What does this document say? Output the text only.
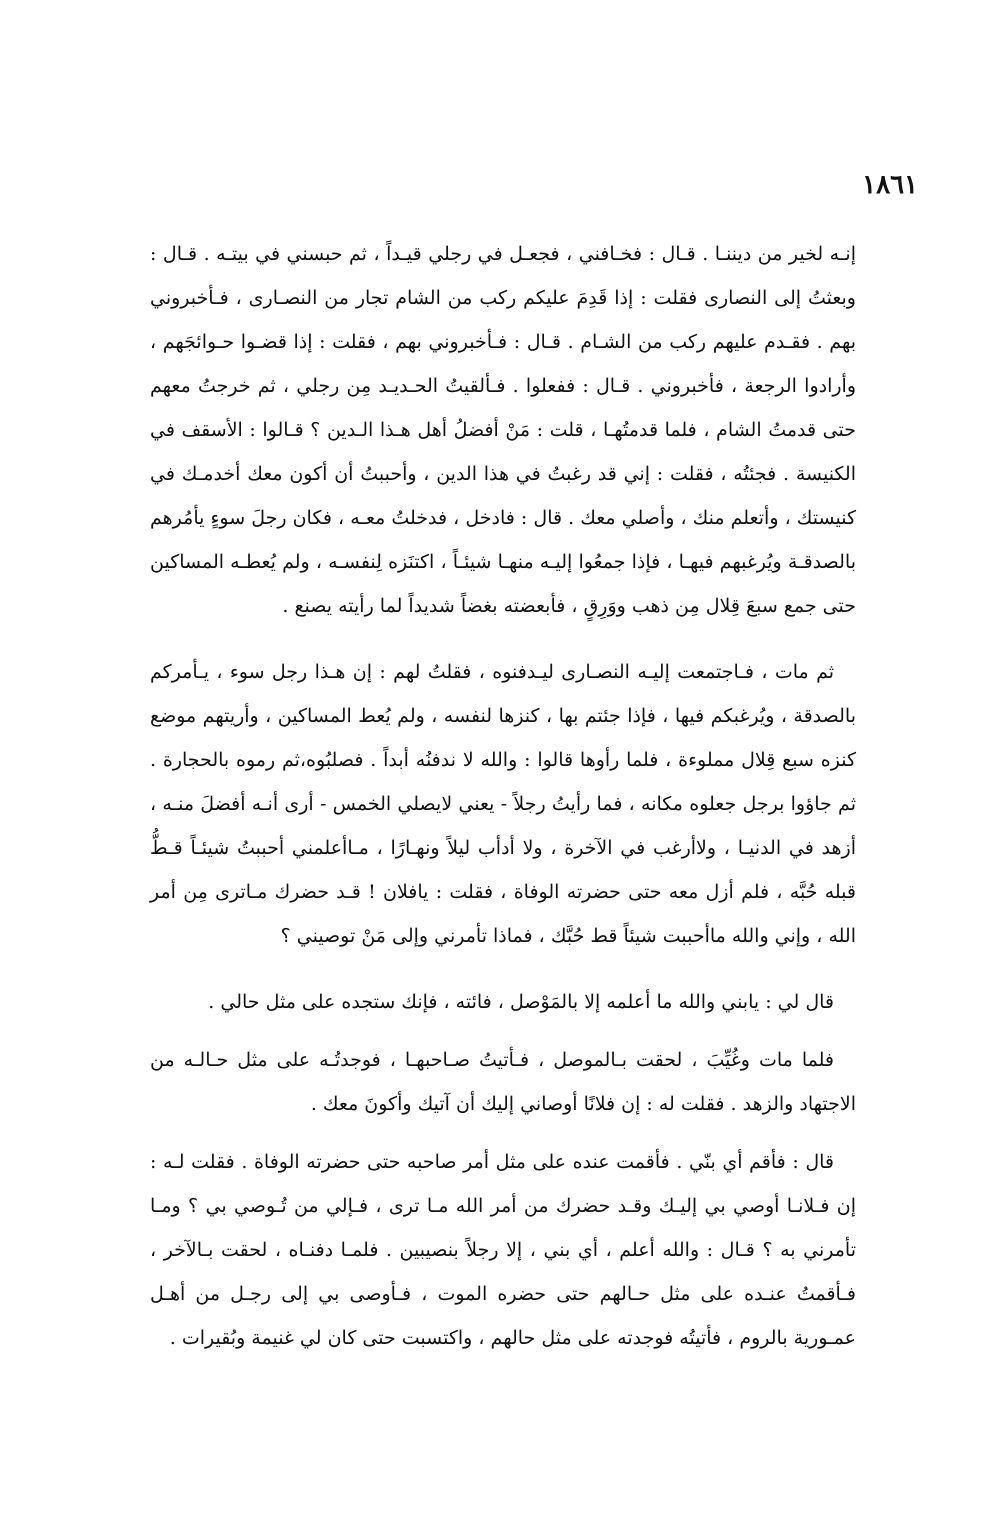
١٨٦١

إنـه لخير من ديننـا . قـال : فخـافني ، فجعـل في رجلي قيـداً ، ثم حبسني في بيتـه . قـال : وبعثتُ إلى النصارى فقلت : إذا قَدِمَ عليكم ركب من الشام تجار من النصـارى ، فـأخبروني بهم . فقـدم عليهم ركب من الشـام . قـال : فـأخبروني بهم ، فقلت : إذا قضـوا حـوائجَهم ، وأرادوا الرجعة ، فأخبروني . قـال : ففعلوا . فـألقيتُ الحـديـد مِن رجلي ، ثم خرجتُ معهم حتى قدمتُ الشام ، فلما قدمتُهـا ، قلت : مَنْ أفضلُ أهل هـذا الـدين ؟ قـالوا : الأسقف في الكنيسة . فجئتُه ، فقلت : إني قد رغبتُ في هذا الدين ، وأحببتُ أن أكون معك أخدمـك في كنيستك ، وأتعلم منك ، وأصلي معك . قال : فادخل ، فدخلتُ معـه ، فكان رجلَ سوءٍ يأمُرهم بالصدقـة ويُرغبهم فيهـا ، فإذا جمعُوا إليـه منهـا شيئـاً ، اكتنَزه لِنفسـه ، ولم يُعطـه المساكين حتى جمع سبعَ قِلال مِن ذهب ووَرِقٍ ، فأبعضته بغضاً شديداً لما رأيته يصنع .

ثم مات ، فـاجتمعت إليـه النصـارى ليـدفنوه ، فقلتُ لهم : إن هـذا رجل سوء ، يـأمركم بالصدقة ، ويُرغبكم فيها ، فإذا جئتم بها ، كنزها لنفسه ، ولم يُعط المساكين ، وأريتهم موضع كنزه سبع قِلال مملوءة ، فلما رأوها قالوا : والله لا ندفنُه أبداً . فصلبُوه،ثم رموه بالحجارة . ثم جاؤوا برجل جعلوه مكانه ، فما رأيتُ رجلاً - يعني لايصلي الخمس - أرى أنـه أفضلَ منـه ، أزهد في الدنيـا ، ولاأرغب في الآخرة ، ولا أدأب ليلاً ونهـارًا ، مـاأعلمني أحببتُ شيئـاً قـطُّ قبله حُبَّه ، فلم أزل معه حتى حضرته الوفاة ، فقلت : يافلان ! قـد حضرك مـاترى مِن أمر الله ، وإني والله ماأحببت شيئاً قط حُبَّك ، فماذا تأمرني وإلى مَنْ توصيني ؟

قال لي : يابني والله ما أعلمه إلا بالمَوْصل ، فائته ، فإنك ستجده على مثل حالي .

فلما مات وغُيِّبَ ، لحقت بـالموصل ، فـأتيتُ صـاحبهـا ، فوجدتُـه على مثل حـالـه من الاجتهاد والزهد . فقلت له : إن فلانًا أوصاني إليك أن آتيك وأكونَ معك .

قال : فأقم أي بنّي . فأقمت عنده على مثل أمر صاحبه حتى حضرته الوفاة . فقلت لـه : إن فـلانـا أوصي بي إليـك وقـد حضرك من أمر الله مـا ترى ، فـإلي من تُـوصي بي ؟ ومـا تأمرني به ؟ قـال : والله أعلم ، أي بني ، إلا رجلاً بنصيبين . فلمـا دفنـاه ، لحقت بـالآخر ، فـأقمتُ عنـده على مثل حـالهم حتى حضره الموت ، فـأوصى بي إلى رجـل من أهـل عمـورية بالروم ، فأتيتُه فوجدته على مثل حالهم ، واكتسبت حتى كان لي غنيمة وبُقيرات .
